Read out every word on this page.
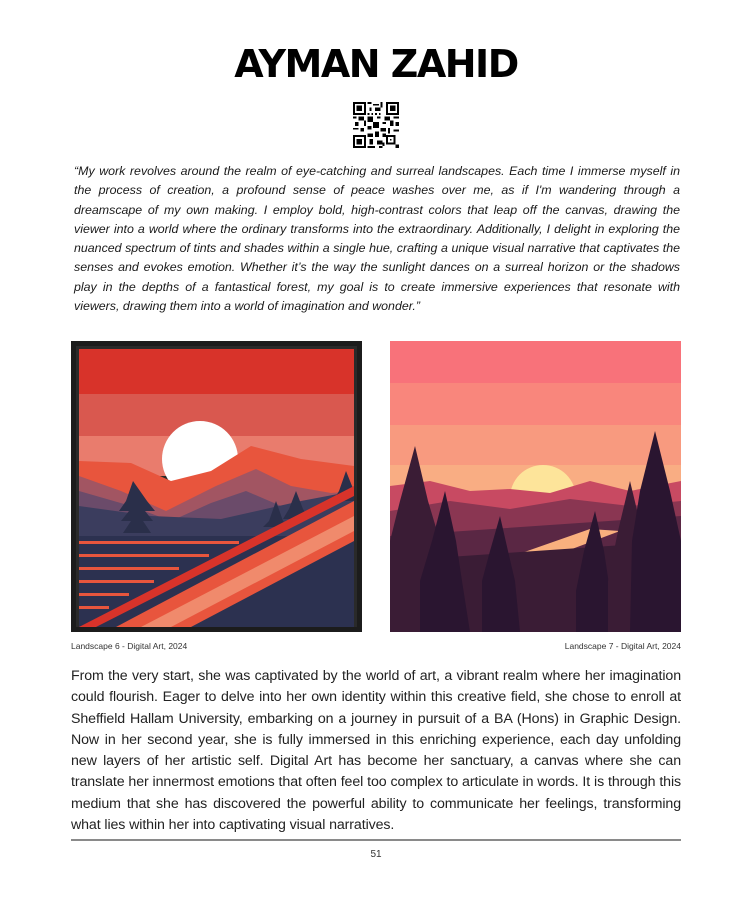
AYMAN ZAHID
“My work revolves around the realm of eye-catching and surreal landscapes. Each time I immerse myself in the process of creation, a profound sense of peace washes over me, as if I'm wandering through a dreamscape of my own making. I employ bold, high-contrast colors that leap off the canvas, drawing the viewer into a world where the ordinary transforms into the extraordinary. Additionally, I delight in exploring the nuanced spectrum of tints and shades within a single hue, crafting a unique visual narrative that captivates the senses and evokes emotion. Whether it’s the way the sunlight dances on a surreal horizon or the shadows play in the depths of a fantastical forest, my goal is to create immersive experiences that resonate with viewers, drawing them into a world of imagination and wonder.”
Landscape 6 - Digital Art, 2024	Landscape 7 - Digital Art, 2024
From the very start, she was captivated by the world of art, a vibrant realm where her imagination could flourish. Eager to delve into her own identity within this creative field, she chose to enroll at Sheffield Hallam University, embarking on a journey in pursuit of a BA (Hons) in Graphic Design. Now in her second year, she is fully immersed in this enriching experience, each day unfolding new layers of her artistic self. Digital Art has become her sanctuary, a canvas where she can translate her innermost emotions that often feel too complex to articulate in words. It is through this medium that she has discovered the powerful ability to communicate her feelings, transforming what lies within her into captivating visual narratives.
51
